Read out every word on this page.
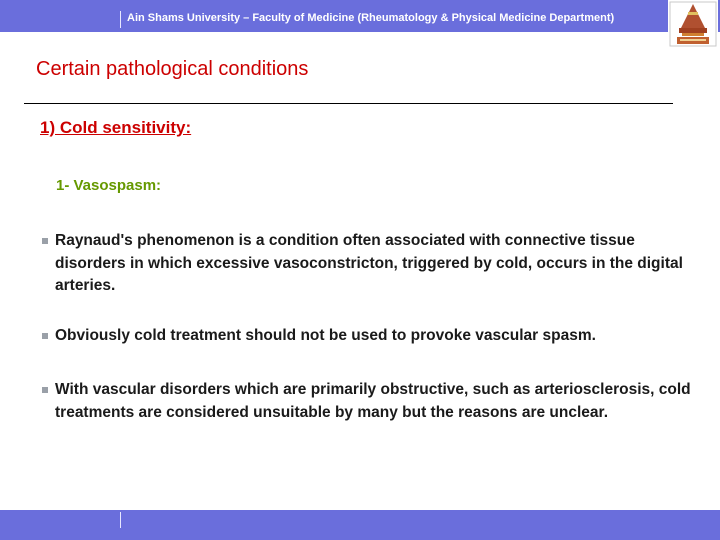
Ain Shams University – Faculty of Medicine (Rheumatology & Physical Medicine Department)
Certain pathological conditions
1) Cold sensitivity:
1- Vasospasm:
Raynaud's phenomenon is a condition often associated with connective tissue disorders in which excessive vasoconstricton, triggered by cold, occurs in the digital arteries.
Obviously cold treatment should not be used to provoke vascular spasm.
With vascular disorders which are primarily obstructive, such as arteriosclerosis, cold treatments are considered unsuitable by many but the reasons are unclear.
